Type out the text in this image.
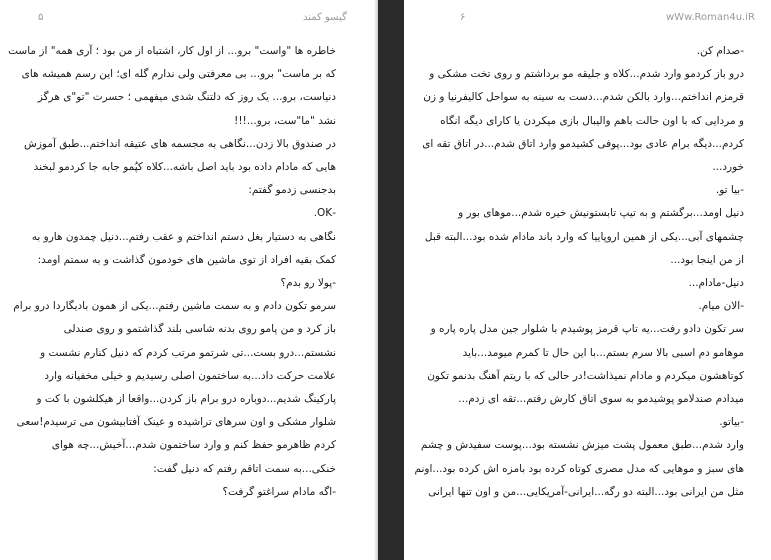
۵	گیسو کمند
خاطره ها "واست" برو... از اول کار، اشتباه از من بود ؛ آری همه" از ماست
که بر ماست" برو... بی معرفتی ولی ندارم گله ای؛ این رسم همیشه های
دنیاست، برو... یک روز که دلتنگ شدی میفهمی ؛ حسرت "تو"ی هرگز
نشد "ما"ست، برو...!!!
در صندوق بالا زدن...نگاهی به مجسمه های عتیقه انداختم...طبق آموزش
هایی که مادام داده بود باید اصل باشه...کلاه کپُمو جابه جا کردمو لبخند
بدجنسی زدمو گفتم:
-OK.
نگاهی به دستیار بغل دستم انداختم و عقب رفتم...دنیل چمدون هارو به
کمک بقیه افراد از توی ماشین های خودمون گذاشت و به سمتم اومد:
-پولا رو بدم؟
سرمو تکون دادم و به سمت ماشین رفتم...یکی از همون بادیگاردا درو برام
باز کرد و من پامو روی بدنه شاسی بلند گذاشتمو و روی صندلی
نشستم...درو بست...تی شرتمو مرتب کردم که دنیل کنارم نشست و
علامت حرکت داد...به ساختمون اصلی رسیدیم و خیلی مخفیانه وارد
پارکینگ شدیم...دوباره درو برام باز کردن...واقعا از هیکلشون با کت و
شلوار مشکی و اون سرهای تراشیده و عینک آفتابیشون می ترسیدم!سعی
کردم ظاهرمو حفظ کنم و وارد ساختمون شدم...آخیش...چه هوای
خنکی...به سمت اتاقم رفتم که دنیل گفت:
-اگه مادام سراغتو گرفت؟
۶	wWw.Roman4u.iR
-صدام کن.
درو باز کردمو وارد شدم...کلاه و جلیقه مو برداشتم و روی تخت مشکی و
قرمزم انداختم...وارد بالکن شدم...دست به سینه به سواحل کالیفرنیا و زن
و مردایی که با اون حالت باهم والیبال بازی میکردن یا کارای دیگه انگاه
کردم...دیگه برام عادی بود...پوفی کشیدمو وارد اتاق شدم...در اتاق تقه ای
خورد...
-بیا تو.
دنیل اومد...برگشتم و به تیپ تابستونیش خیره شدم...موهای بور و
چشمهای آبی...یکی از همین اروپاییا که وارد باند مادام شده بود...البته قبل
از من اینجا بود...
دنیل-مادام...
-الان میام.
سر تکون دادو رفت...یه تاپ قرمز پوشیدم با شلوار جین مدل پاره پاره و
موهامو دم اسبی بالا سرم بستم...با این حال تا کمرم میومد...باید
کوتاهشون میکردم و مادام نمیذاشت!در حالی که با ریتم آهنگ بدنمو تکون
میدادم صندلامو پوشیدمو به سوی اتاق کارش رفتم...تقه ای زدم...
-بیاتو.
وارد شدم...طبق معمول پشت میزش نشسته بود...پوست سفیدش و چشم
های سبز و موهایی که مدل مصری کوتاه کرده بود بامزه اش کرده بود...اونم
مثل من ایرانی بود...البته دو رگه...ایرانی-آمریکایی...من و اون تنها ایرانی
